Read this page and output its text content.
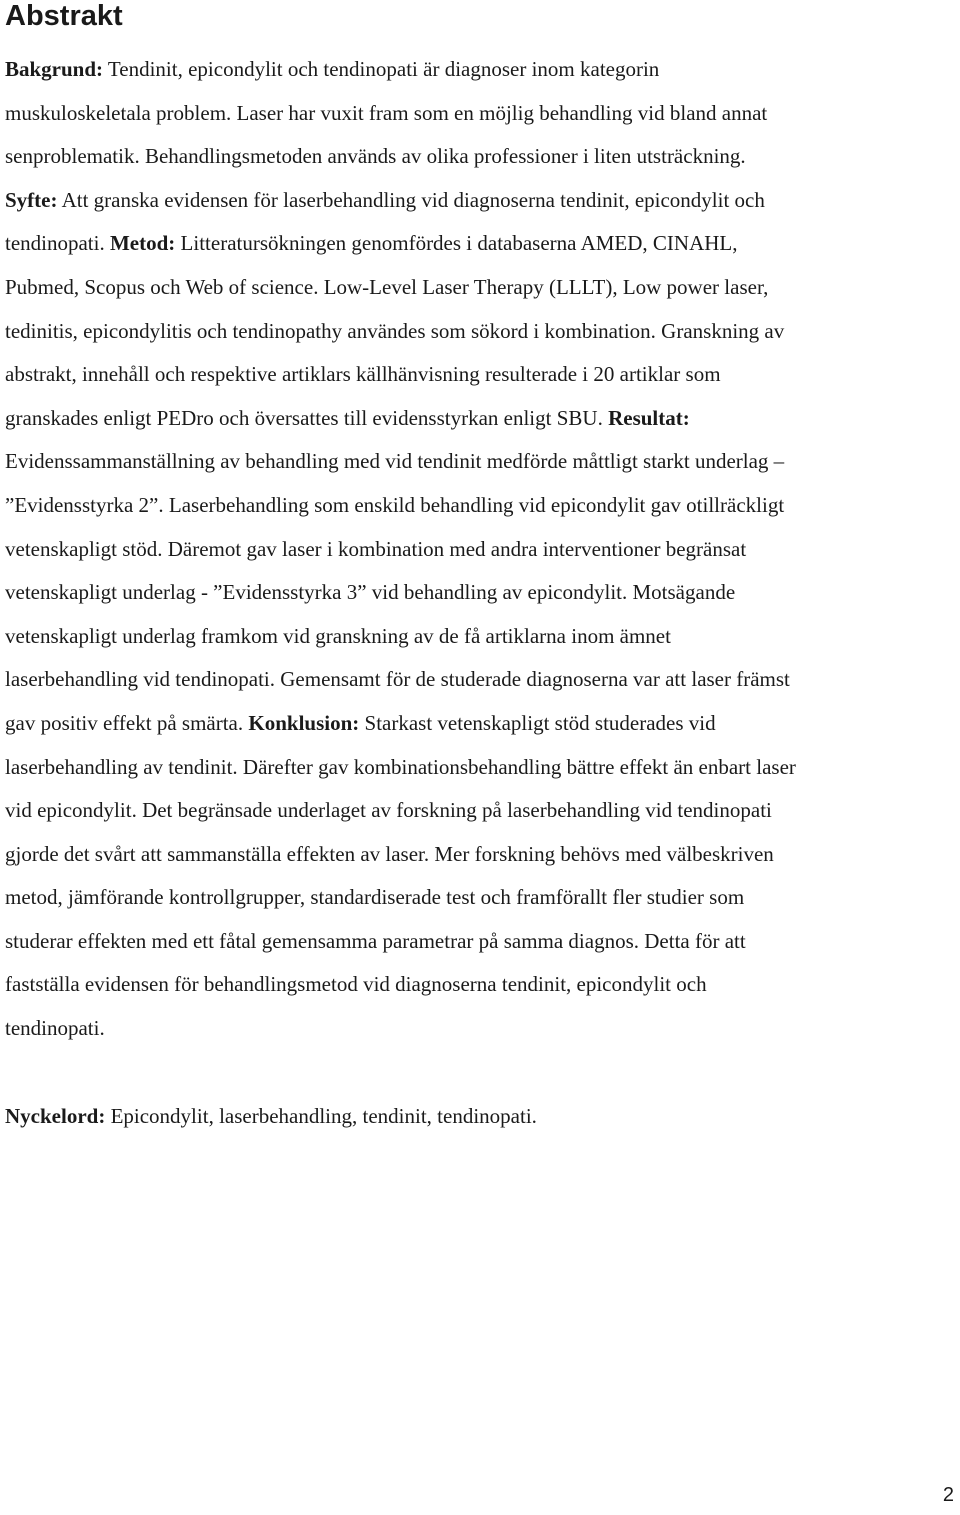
Abstrakt
Bakgrund: Tendinit, epicondylit och tendinopati är diagnoser inom kategorin
muskuloskeletala problem. Laser har vuxit fram som en möjlig behandling vid bland annat
senproblematik. Behandlingsmetoden används av olika professioner i liten utsträckning.
Syfte: Att granska evidensen för laserbehandling vid diagnoserna tendinit, epicondylit och
tendinopati. Metod: Litteratursökningen genomfördes i databaserna AMED, CINAHL,
Pubmed, Scopus och Web of science. Low-Level Laser Therapy (LLLT), Low power laser,
tedinitis, epicondylitis och tendinopathy användes som sökord i kombination. Granskning av
abstrakt, innehåll och respektive artiklars källhänvisning resulterade i 20 artiklar som
granskades enligt PEDro och översattes till evidensstyrkan enligt SBU. Resultat:
Evidenssammanställning av behandling med vid tendinit medförde måttligt starkt underlag –
”Evidensstyrka 2”. Laserbehandling som enskild behandling vid epicondylit gav otillräckligt
vetenskapligt stöd. Däremot gav laser i kombination med andra interventioner begränsat
vetenskapligt underlag - ”Evidensstyrka 3” vid behandling av epicondylit. Motsägande
vetenskapligt underlag framkom vid granskning av de få artiklarna inom ämnet
laserbehandling vid tendinopati. Gemensamt för de studerade diagnoserna var att laser främst
gav positiv effekt på smärta. Konklusion: Starkast vetenskapligt stöd studerades vid
laserbehandling av tendinit. Därefter gav kombinationsbehandling bättre effekt än enbart laser
vid epicondylit. Det begränsade underlaget av forskning på laserbehandling vid tendinopati
gjorde det svårt att sammanställa effekten av laser. Mer forskning behövs med välbeskriven
metod, jämförande kontrollgrupper, standardiserade test och framförallt fler studier som
studerar effekten med ett fåtal gemensamma parametrar på samma diagnos. Detta för att
fastställa evidensen för behandlingsmetod vid diagnoserna tendinit, epicondylit och
tendinopati.

Nyckelord: Epicondylit, laserbehandling, tendinit, tendinopati.

2
